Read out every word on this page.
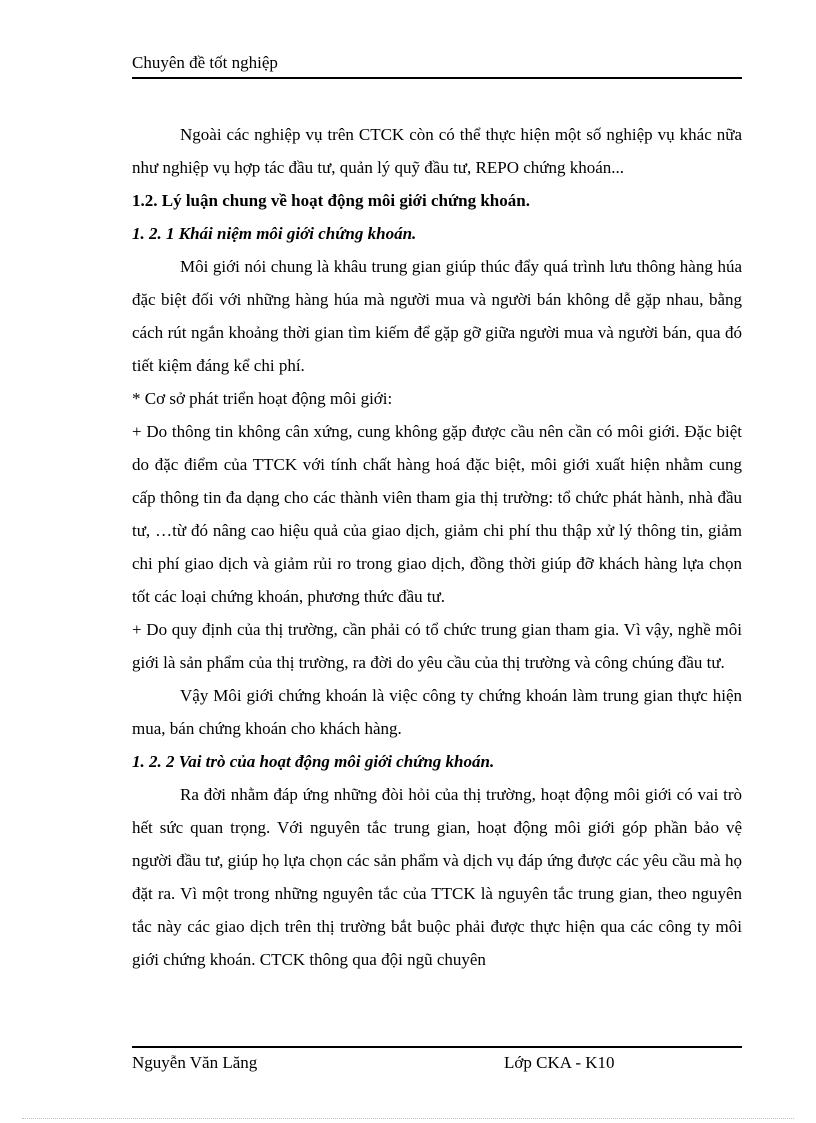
Chuyên đề tốt nghiệp

Ngoài các nghiệp vụ trên CTCK còn có thể thực hiện một số nghiệp vụ khác nữa như nghiệp vụ hợp tác đầu tư, quản lý quỹ đầu tư, REPO chứng khoán...

1.2. Lý luận chung về hoạt động môi giới chứng khoán.

1. 2. 1 Khái niệm môi giới chứng khoán.

Môi giới nói chung là khâu trung gian giúp thúc đẩy quá trình lưu thông hàng húa đặc biệt đối với những hàng húa mà người mua và người bán không dễ gặp nhau, bằng cách rút ngắn khoảng thời gian tìm kiếm để gặp gỡ giữa người mua và người bán, qua đó tiết kiệm đáng kể chi phí.

* Cơ sở phát triển hoạt động môi giới:

+ Do thông tin không cân xứng, cung không gặp được cầu nên cần có môi giới. Đặc biệt do đặc điểm của TTCK với tính chất hàng hoá đặc biệt, môi giới xuất hiện nhằm cung cấp thông tin đa dạng cho các thành viên tham gia thị trường: tổ chức phát hành, nhà đầu tư, …từ đó nâng cao hiệu quả của giao dịch, giảm chi phí thu thập xử lý thông tin, giảm chi phí giao dịch và giảm rủi ro trong giao dịch, đồng thời giúp đỡ khách hàng lựa chọn tốt các loại chứng khoán, phương thức đầu tư.

+ Do quy định của thị trường, cần phải có tổ chức trung gian tham gia. Vì vậy, nghề môi giới là sản phẩm của thị trường, ra đời do yêu cầu của thị trường và công chúng đầu tư.

Vậy Môi giới chứng khoán là việc công ty chứng khoán làm trung gian thực hiện mua, bán chứng khoán cho khách hàng.

1. 2. 2 Vai trò của hoạt động môi giới chứng khoán.

Ra đời nhằm đáp ứng những đòi hỏi của thị trường, hoạt động môi giới có vai trò hết sức quan trọng. Với nguyên tắc trung gian, hoạt động môi giới góp phần bảo vệ người đầu tư, giúp họ lựa chọn các sản phẩm và dịch vụ đáp ứng được các yêu cầu mà họ đặt ra. Vì một trong những nguyên tắc của TTCK là nguyên tắc trung gian, theo nguyên tắc này các giao dịch trên thị trường bắt buộc phải được thực hiện qua các công ty môi giới chứng khoán. CTCK thông qua đội ngũ chuyên

Nguyễn Văn Lăng	Lớp CKA - K10
